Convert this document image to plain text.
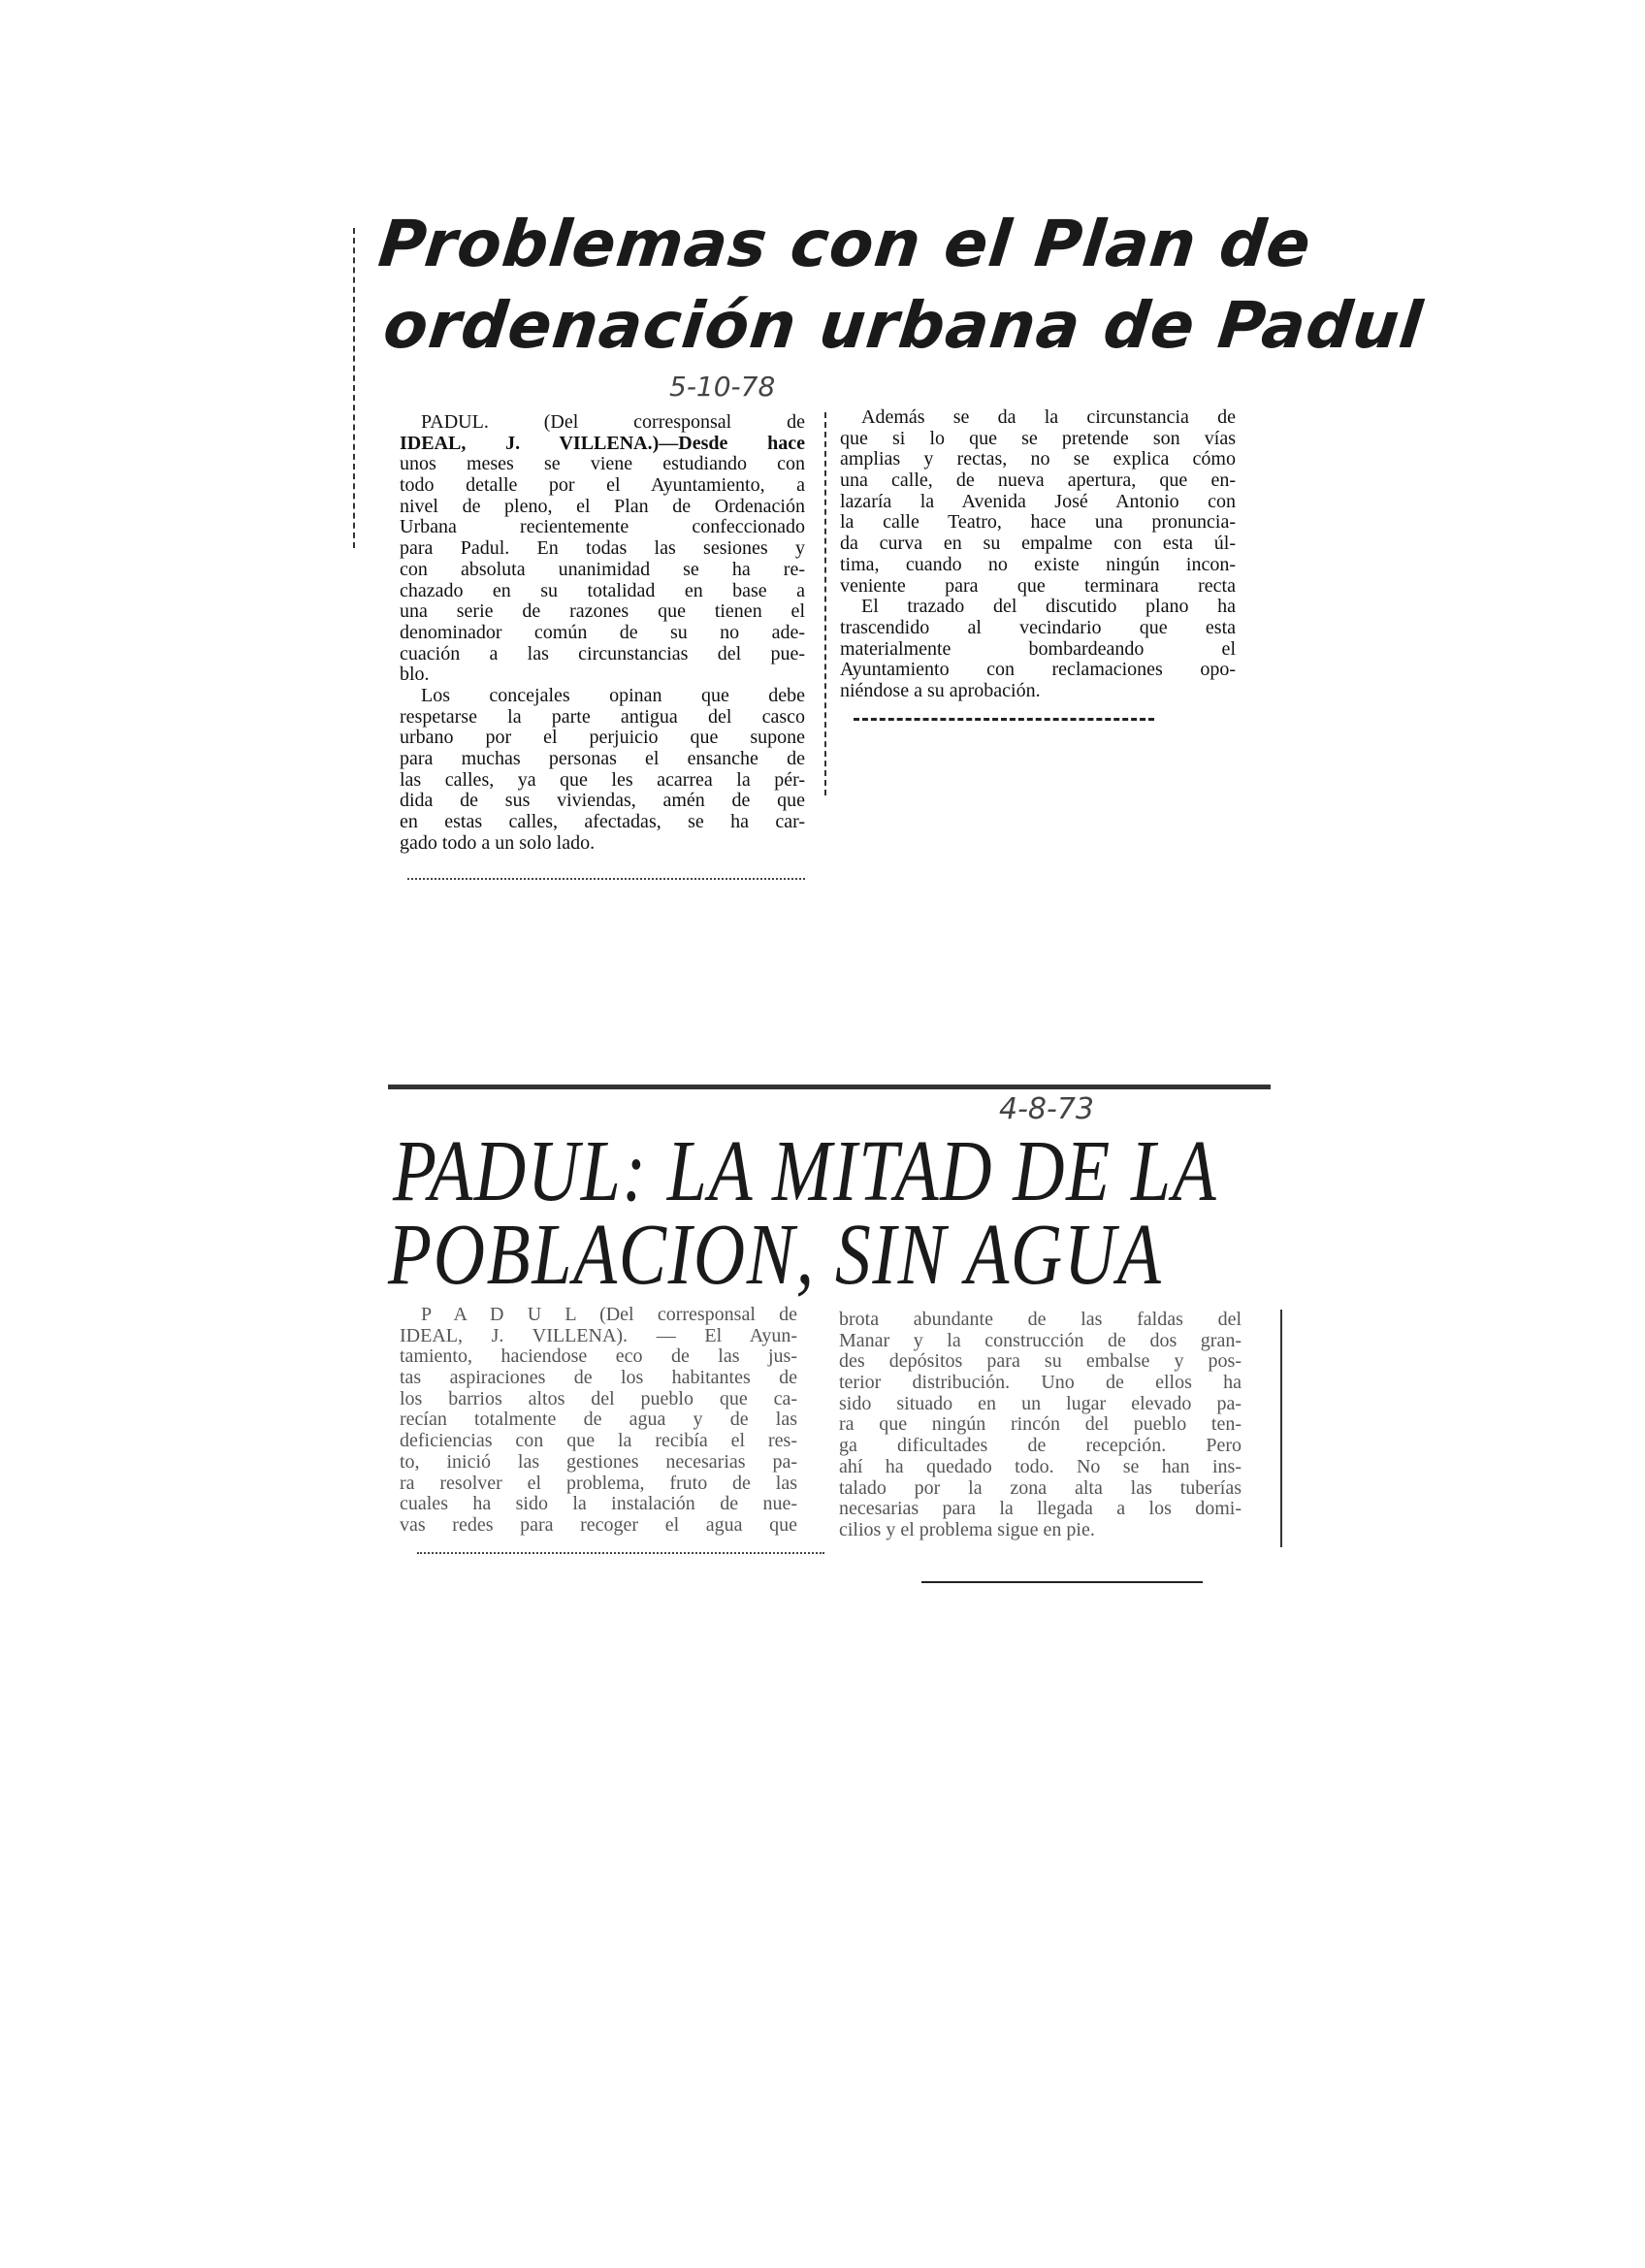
Problemas con el Plan de
ordenación urbana de Padul
5-10-78
PADUL. (Del corresponsal de
IDEAL, J. VILLENA.)—Desde hace
unos meses se viene estudiando con
todo detalle por el Ayuntamiento, a
nivel de pleno, el Plan de Ordenación
Urbana recientemente confeccionado
para Padul. En todas las sesiones y
con absoluta unanimidad se ha re-
chazado en su totalidad en base a
una serie de razones que tienen el
denominador común de su no ade-
cuación a las circunstancias del pue-
blo.
Los concejales opinan que debe
respetarse la parte antigua del casco
urbano por el perjuicio que supone
para muchas personas el ensanche de
las calles, ya que les acarrea la pér-
dida de sus viviendas, amén de que
en estas calles, afectadas, se ha car-
gado todo a un solo lado.
Además se da la circunstancia de
que si lo que se pretende son vías
amplias y rectas, no se explica cómo
una calle, de nueva apertura, que en-
lazaría la Avenida José Antonio con
la calle Teatro, hace una pronuncia-
da curva en su empalme con esta úl-
tima, cuando no existe ningún incon-
veniente para que terminara recta
El trazado del discutido plano ha
trascendido al vecindario que esta
materialmente bombardeando el
Ayuntamiento con reclamaciones opo-
niéndose a su aprobación.
4-8-73
PADUL: LA MITAD DE LA
POBLACION, SIN AGUA
P A D U L (Del corresponsal de
IDEAL, J. VILLENA). — El Ayun-
tamiento, haciendose eco de las jus-
tas aspiraciones de los habitantes de
los barrios altos del pueblo que ca-
recían totalmente de agua y de las
deficiencias con que la recibía el res-
to, inició las gestiones necesarias pa-
ra resolver el problema, fruto de las
cuales ha sido la instalación de nue-
vas redes para recoger el agua que
brota abundante de las faldas del
Manar y la construcción de dos gran-
des depósitos para su embalse y pos-
terior distribución. Uno de ellos ha
sido situado en un lugar elevado pa-
ra que ningún rincón del pueblo ten-
ga dificultades de recepción. Pero
ahí ha quedado todo. No se han ins-
talado por la zona alta las tuberías
necesarias para la llegada a los domi-
cilios y el problema sigue en pie.
